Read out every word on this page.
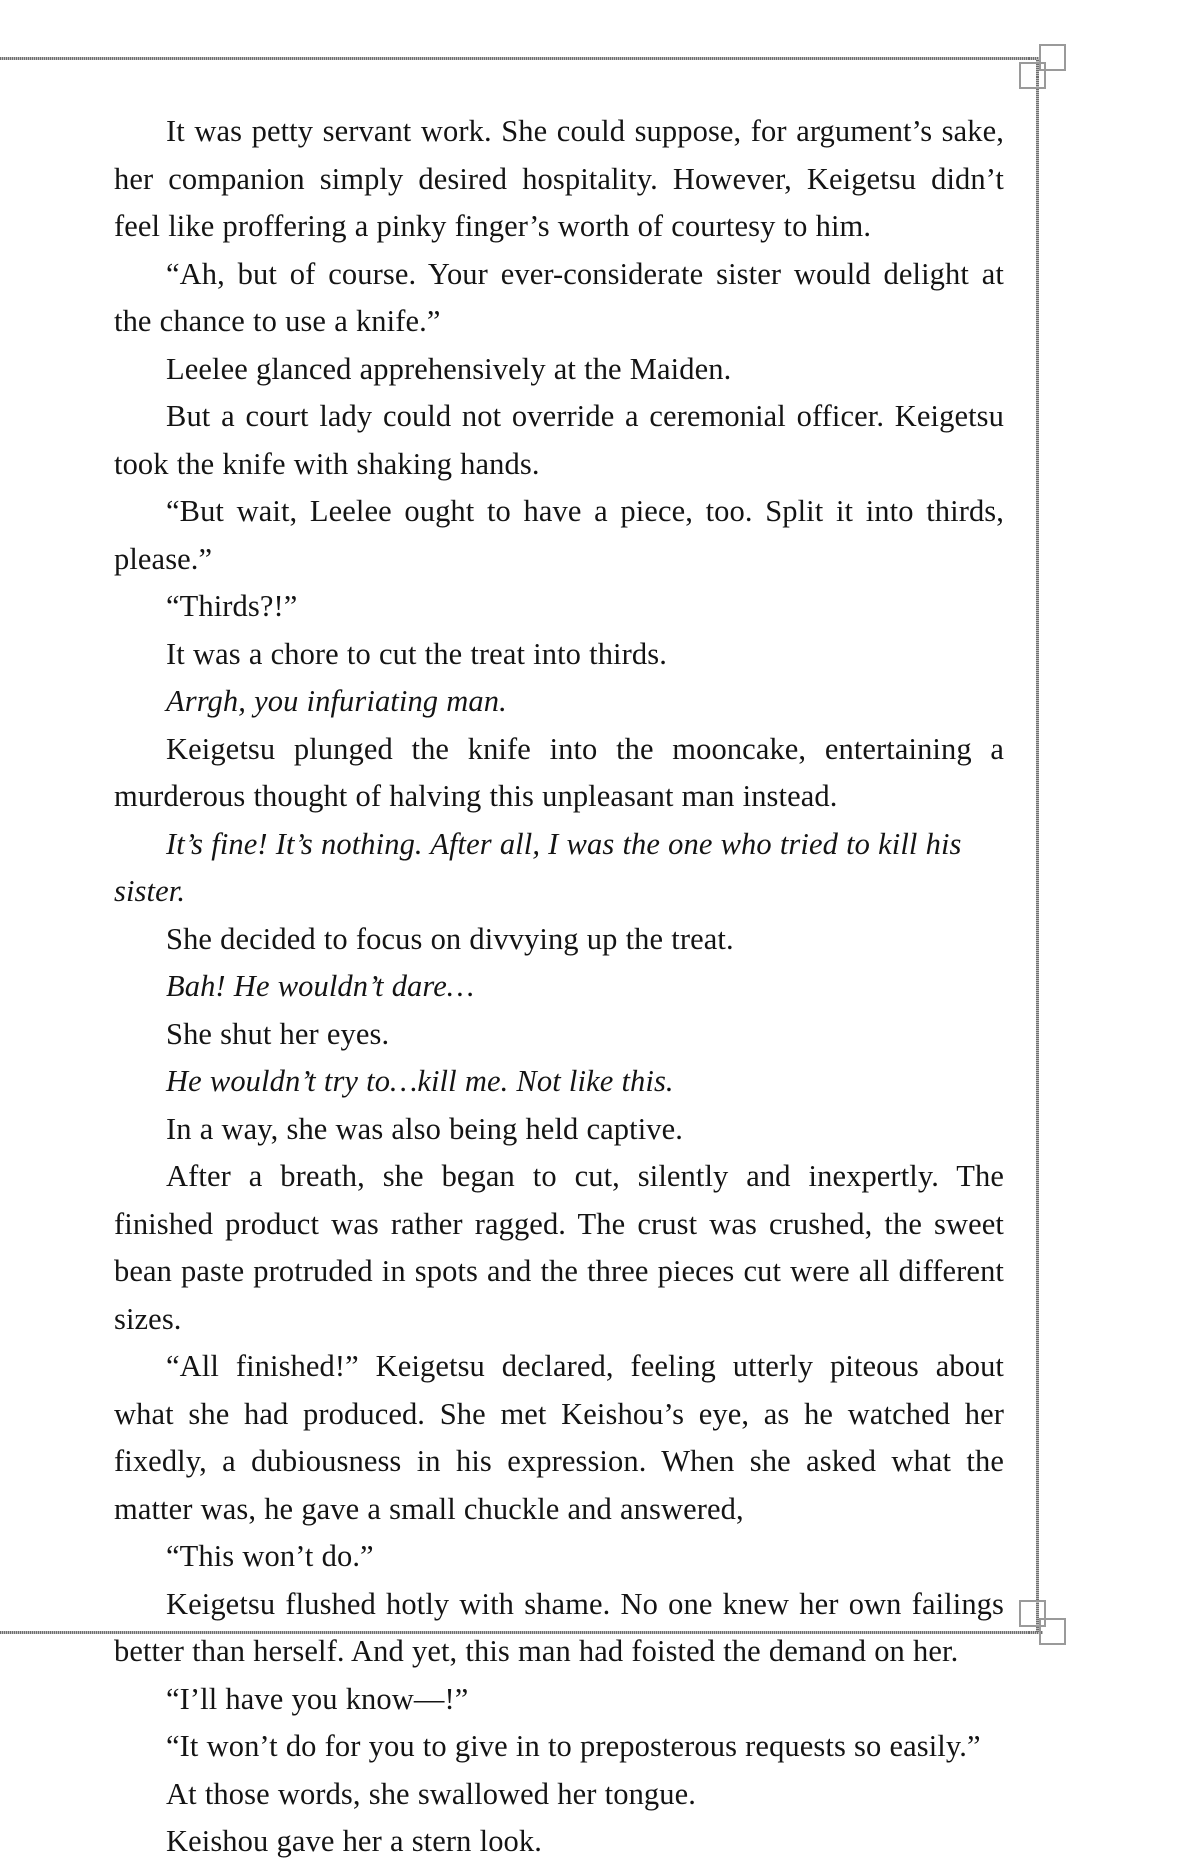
It was petty servant work. She could suppose, for argument’s sake, her companion simply desired hospitality. However, Keigetsu didn’t feel like proffering a pinky finger’s worth of courtesy to him.

“Ah, but of course. Your ever-considerate sister would delight at the chance to use a knife.”

Leelee glanced apprehensively at the Maiden.

But a court lady could not override a ceremonial officer. Keigetsu took the knife with shaking hands.

“But wait, Leelee ought to have a piece, too. Split it into thirds, please.”

“Thirds?!”

It was a chore to cut the treat into thirds.

Arrgh, you infuriating man.

Keigetsu plunged the knife into the mooncake, entertaining a murderous thought of halving this unpleasant man instead.

It’s fine! It’s nothing. After all, I was the one who tried to kill his sister.

She decided to focus on divvying up the treat.

Bah! He wouldn’t dare…

She shut her eyes.

He wouldn’t try to…kill me. Not like this.

In a way, she was also being held captive.

After a breath, she began to cut, silently and inexpertly. The finished product was rather ragged. The crust was crushed, the sweet bean paste protruded in spots and the three pieces cut were all different sizes.

“All finished!” Keigetsu declared, feeling utterly piteous about what she had produced. She met Keishou’s eye, as he watched her fixedly, a dubiousness in his expression. When she asked what the matter was, he gave a small chuckle and answered,

“This won’t do.”

Keigetsu flushed hotly with shame. No one knew her own failings better than herself. And yet, this man had foisted the demand on her.

“I’ll have you know—!”

“It won’t do for you to give in to preposterous requests so easily.”

At those words, she swallowed her tongue.

Keishou gave her a stern look.
